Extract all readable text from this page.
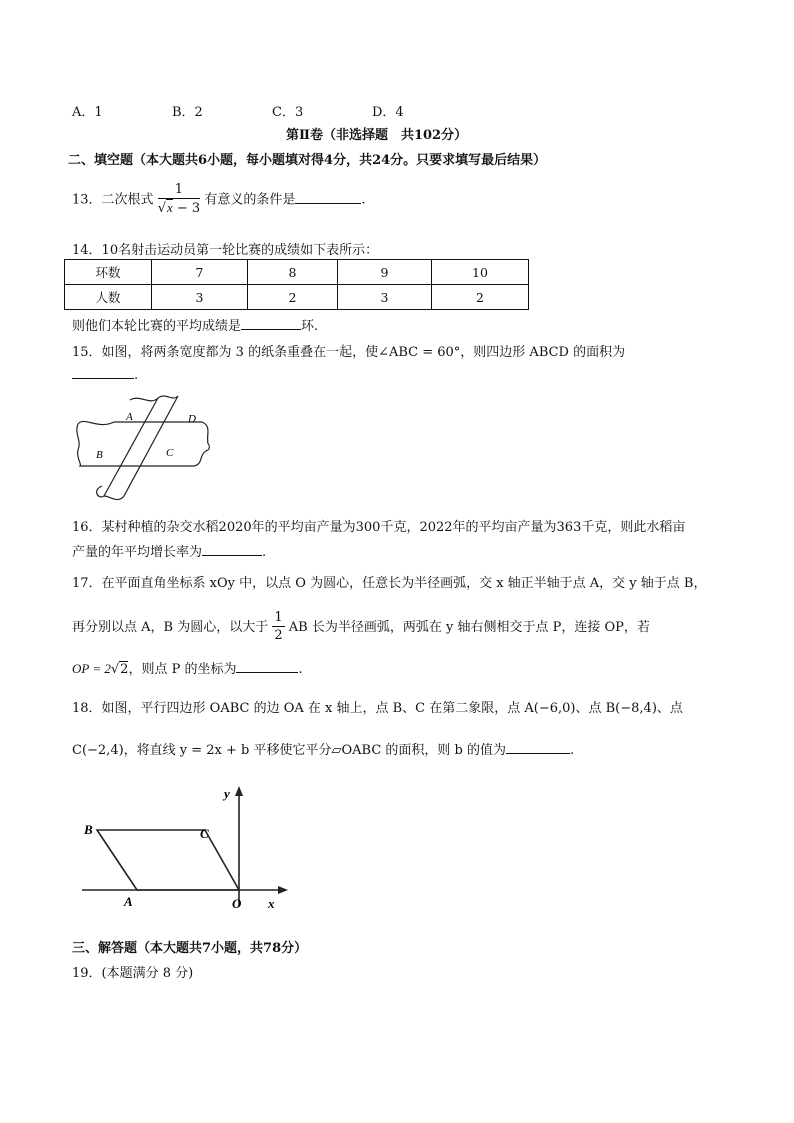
A．1	B．2	C．3	D．4
第Ⅱ卷（非选择题　共102分）
二、填空题（本大题共6小题，每小题填对得4分，共24分。只要求填写最后结果）
13．二次根式 $\frac{1}{√x - 3}$ 有意义的条件是	.
14．10名射击运动员第一轮比赛的成绩如下表所示：
环数	7	8	9	10
人数	3	2	3	2
则他们本轮比赛的平均成绩是	环.
15．如图，将两条宽度都为 3 的纸条重叠在一起，使∠ABC = 60°，则四边形 ABCD 的面积为
.
A	D
B	C
16．某村种植的杂交水稻2020年的平均亩产量为300千克，2022年的平均亩产量为363千克，则此水稻亩
产量的年平均增长率为	.
17．在平面直角坐标系 xOy 中，以点 O 为圆心，任意长为半径画弧，交 x 轴正半轴于点 A，交 y 轴于点 B，
再分别以点 A，B 为圆心，以大于 $\frac{1}{2}$ AB 长为半径画弧，两弧在 y 轴右侧相交于点 P，连接 OP，若
OP = 2√2，则点 P 的坐标为	.
18．如图，平行四边形 OABC 的边 OA 在 x 轴上，点 B、C 在第二象限，点 A(−6,0)、点 B(−8,4)、点
C(−2,4)，将直线 y = 2x + b 平移使它平分▱OABC 的面积，则 b 的值为	.
B	C
A	O x
y
三、解答题（本大题共7小题，共78分）
19．(本题满分 8 分)
